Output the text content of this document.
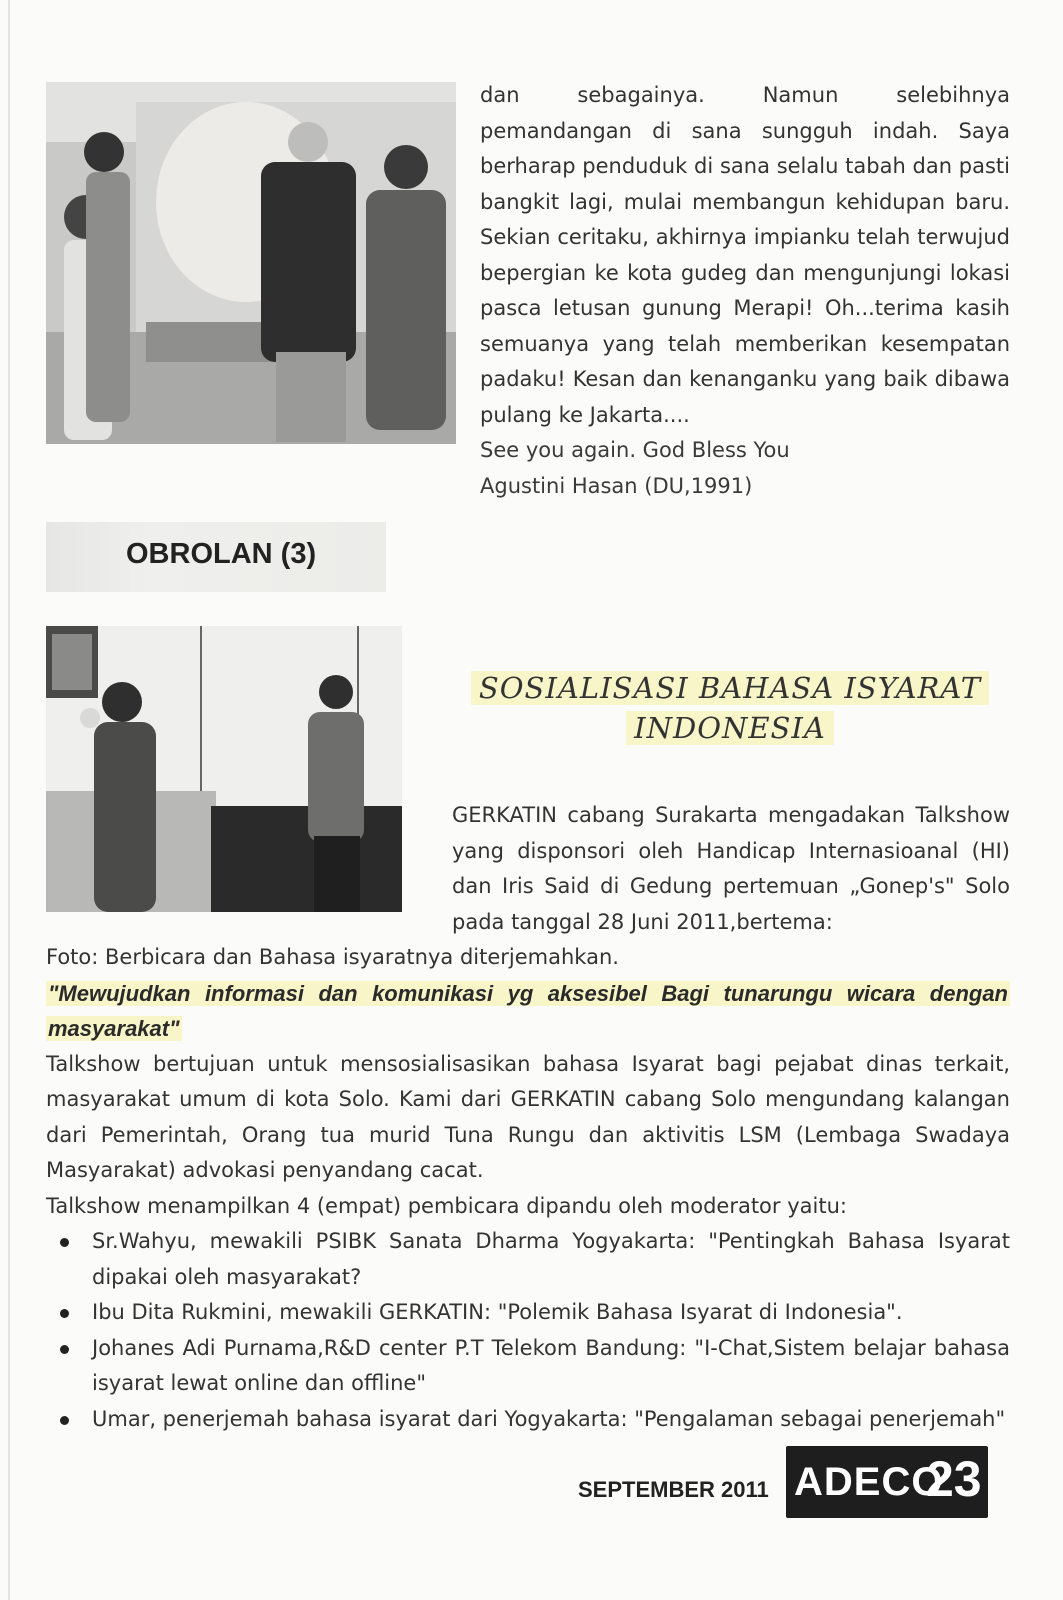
dan sebagainya. Namun selebihnya pemandangan di sana sungguh indah. Saya berharap penduduk di sana selalu tabah dan pasti bangkit lagi, mulai membangun kehidupan baru. Sekian ceritaku, akhirnya impianku telah terwujud bepergian ke kota gudeg dan mengunjungi lokasi pasca letusan gunung Merapi! Oh...terima kasih semuanya yang telah memberikan kesempatan padaku! Kesan dan kenanganku yang baik dibawa pulang ke Jakarta....
See you again. God Bless You
Agustini Hasan (DU,1991)
OBROLAN (3)
SOSIALISASI BAHASA ISYARAT
INDONESIA
GERKATIN cabang Surakarta mengadakan Talkshow yang disponsori oleh Handicap Internasioanal (HI) dan Iris Said di Gedung pertemuan „Gonep's" Solo pada tanggal 28 Juni 2011,bertema:

Foto: Berbicara dan Bahasa isyaratnya diterjemahkan.

"Mewujudkan informasi dan komunikasi yg aksesibel Bagi tunarungu wicara dengan masyarakat"

Talkshow bertujuan untuk mensosialisasikan bahasa Isyarat bagi pejabat dinas terkait, masyarakat umum di kota Solo. Kami dari GERKATIN cabang Solo mengundang kalangan dari Pemerintah, Orang tua murid Tuna Rungu dan aktivitis LSM (Lembaga Swadaya Masyarakat) advokasi penyandang cacat.

Talkshow menampilkan 4 (empat) pembicara dipandu oleh moderator yaitu:

Sr.Wahyu, mewakili PSIBK Sanata Dharma Yogyakarta: "Pentingkah Bahasa Isyarat dipakai oleh masyarakat?
Ibu Dita Rukmini, mewakili GERKATIN: "Polemik Bahasa Isyarat di Indonesia".
Johanes Adi Purnama,R&D center P.T Telekom Bandung: "I-Chat,Sistem belajar bahasa isyarat lewat online dan offline"
Umar, penerjemah bahasa isyarat dari Yogyakarta: "Pengalaman sebagai penerjemah"
SEPTEMBER 2011 ADECO
23
